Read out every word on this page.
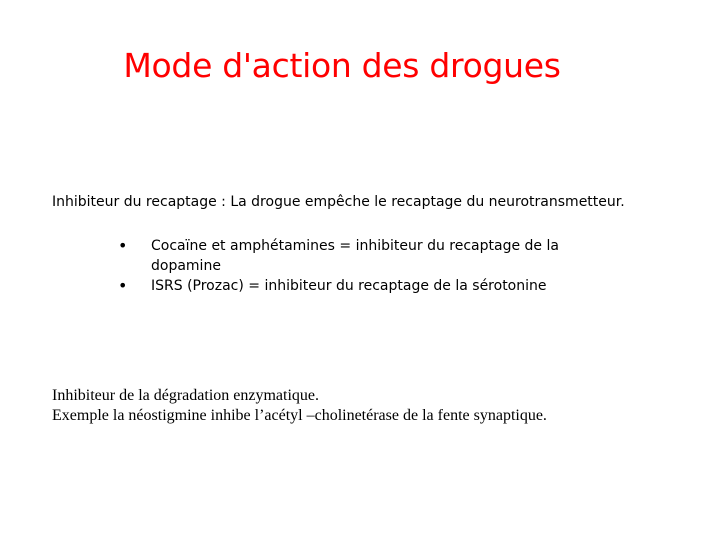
Mode d'action des drogues

Inhibiteur du recaptage : La drogue empêche le recaptage du neurotransmetteur.

• Cocaïne et amphétamines = inhibiteur du recaptage de la dopamine
• ISRS (Prozac) = inhibiteur du recaptage de la sérotonine
Inhibiteur de la dégradation enzymatique.
Exemple la néostigmine inhibe l’acétyl –cholinetérase de la fente synaptique.
